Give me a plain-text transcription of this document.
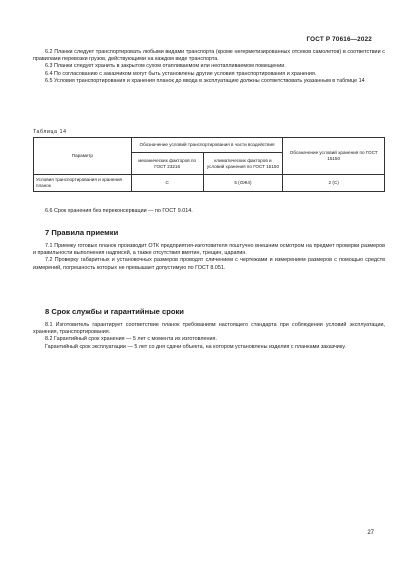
ГОСТ Р 70616—2022

6.2 Планки следует транспортировать любыми видами транспорта (кроме негерметизированных отсеков самолетов) в соответствии с правилами перевозки грузов, действующими на каждом виде транспорта.

6.3 Планки следует хранить в закрытом сухом отапливаемом или неотапливаемом помещении.

6.4 По согласованию с заказчиком могут быть установлены другие условия транспортирования и хранения.

6.5 Условия транспортирования и хранения планок до ввода в эксплуатацию должны соответствовать указанным в таблице 14

Таблица 14
Параметр	Обозначение условий транспортирования в части воздействия		Обозначение условий хранения по ГОСТ 15150
	механических факторов по ГОСТ 23216	климатических факторов и условий хранения по ГОСТ 15150	
Условия транспортирования и хранения планок	С	5 (ОЖ4)	2 (С)

6.6 Срок хранения без переконсервации — по ГОСТ 9.014.

7 Правила приемки

7.1 Приемку готовых планок производит ОТК предприятия-изготовителя поштучно внешним осмотром на предмет проверки размеров и правильности выполнения надписей, а также отсутствия вмятин, трещин, царапин.

7.2 Проверку габаритных и установочных размеров проводят сличением с чертежами и измерением размеров с помощью средств измерений, погрешность которых не превышает допустимую по ГОСТ 8.051.

8 Срок службы и гарантийные сроки

8.1 Изготовитель гарантирует соответствие планок требованиям настоящего стандарта при соблюдении условий эксплуатации, хранения, транспортирования.

8.2 Гарантийный срок хранения — 5 лет с момента их изготовления.

Гарантийный срок эксплуатации — 5 лет со дня сдачи объекта, на котором установлены изделия с планками заказчику.

27
